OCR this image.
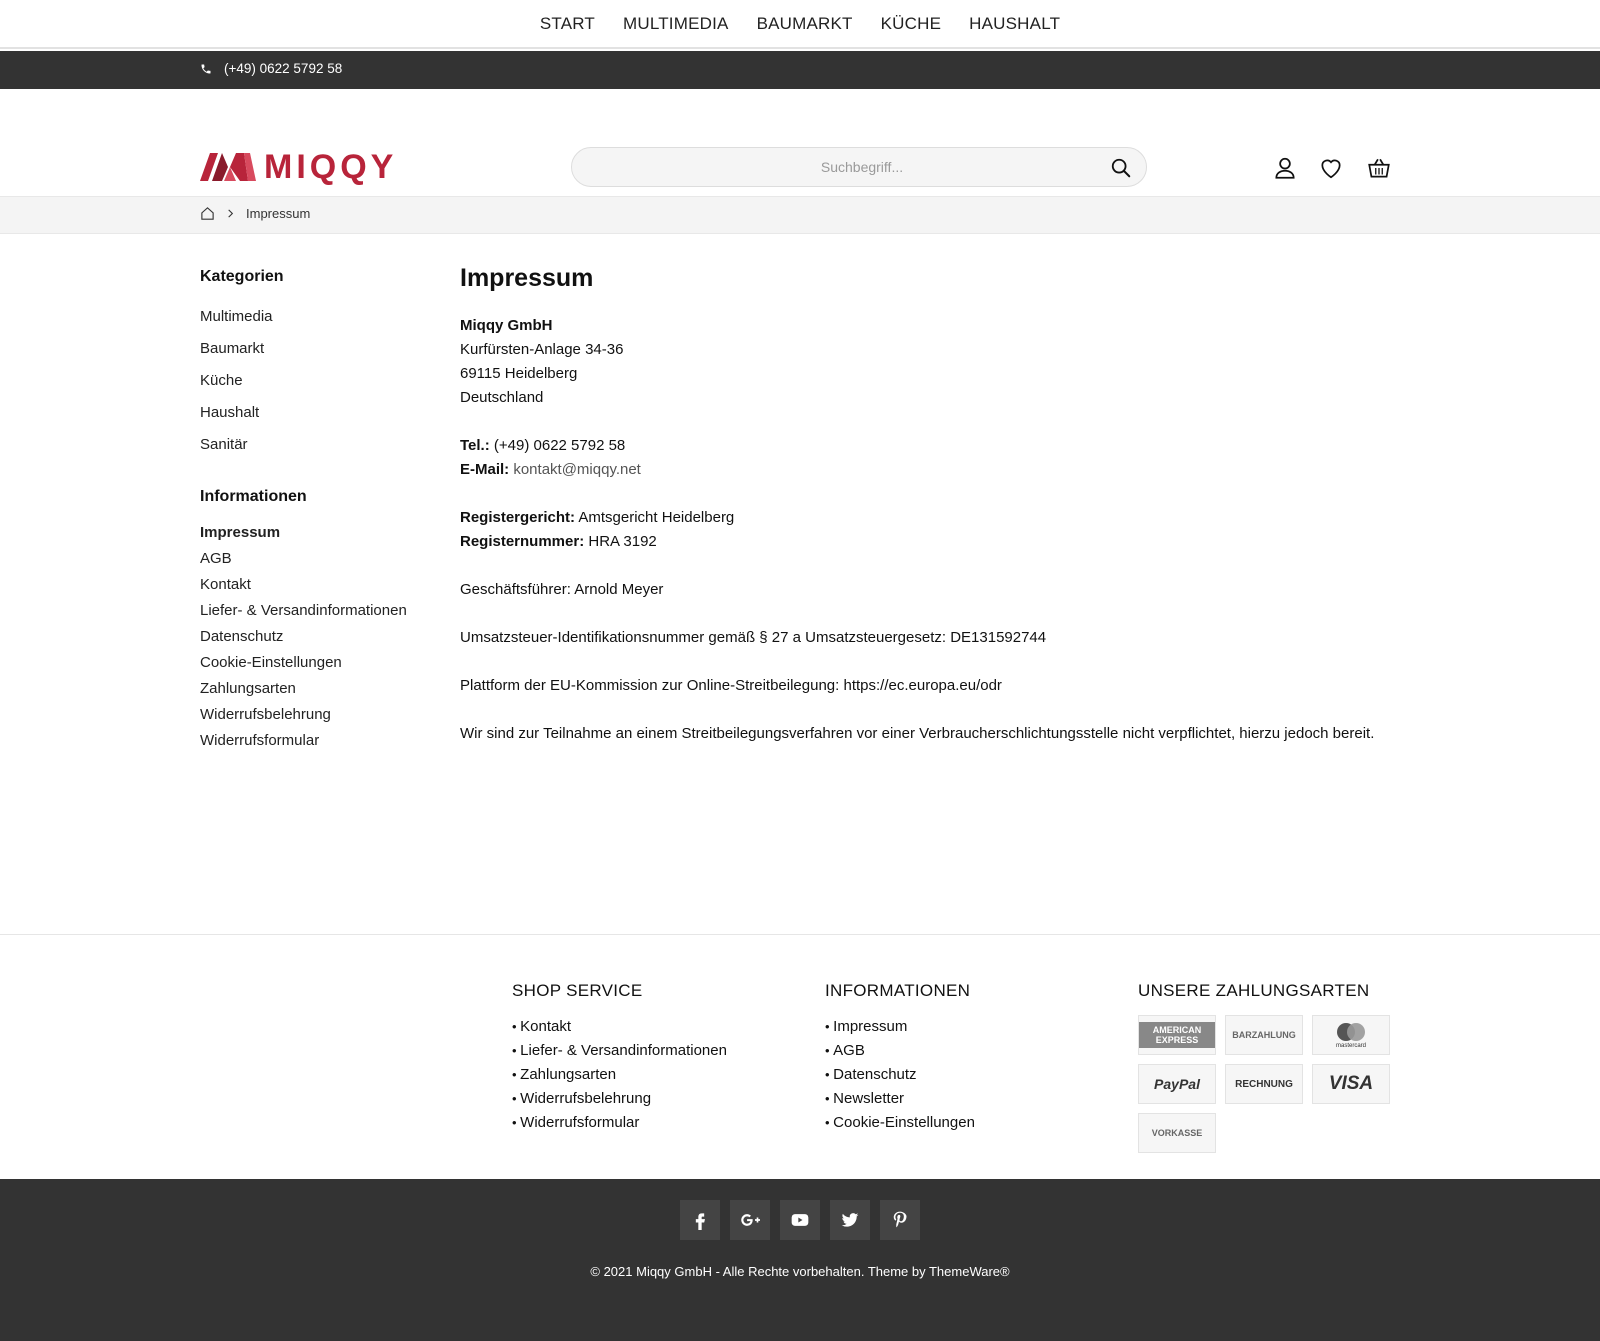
START	MULTIMEDIA	BAUMARKT	KÜCHE	HAUSHALT
(+49) 0622 5792 58
MIQQY
Suchbegriff...
Impressum
Kategorien
Multimedia
Baumarkt
Küche
Haushalt
Sanitär
Informationen
Impressum
AGB
Kontakt
Liefer- & Versandinformationen
Datenschutz
Cookie-Einstellungen
Zahlungsarten
Widerrufsbelehrung
Widerrufsformular
Impressum
Miqqy GmbH
Kurfürsten-Anlage 34-36
69115 Heidelberg
Deutschland
Tel.: (+49) 0622 5792 58
E-Mail: kontakt@miqqy.net
Registergericht: Amtsgericht Heidelberg
Registernummer: HRA 3192
Geschäftsführer: Arnold Meyer
Umsatzsteuer-Identifikationsnummer gemäß § 27 a Umsatzsteuergesetz: DE131592744
Plattform der EU-Kommission zur Online-Streitbeilegung: https://ec.europa.eu/odr
Wir sind zur Teilnahme an einem Streitbeilegungsverfahren vor einer Verbraucherschlichtungsstelle nicht verpflichtet, hierzu jedoch bereit.
SHOP SERVICE
• Kontakt
• Liefer- & Versandinformationen
• Zahlungsarten
• Widerrufsbelehrung
• Widerrufsformular
INFORMATIONEN
• Impressum
• AGB
• Datenschutz
• Newsletter
• Cookie-Einstellungen
UNSERE ZAHLUNGSARTEN
AMERICAN EXPRESS	BARZAHLUNG
mastercard
PayPal	RECHNUNG	VISA
VORKASSE
© 2021 Miqqy GmbH - Alle Rechte vorbehalten. Theme by ThemeWare®
